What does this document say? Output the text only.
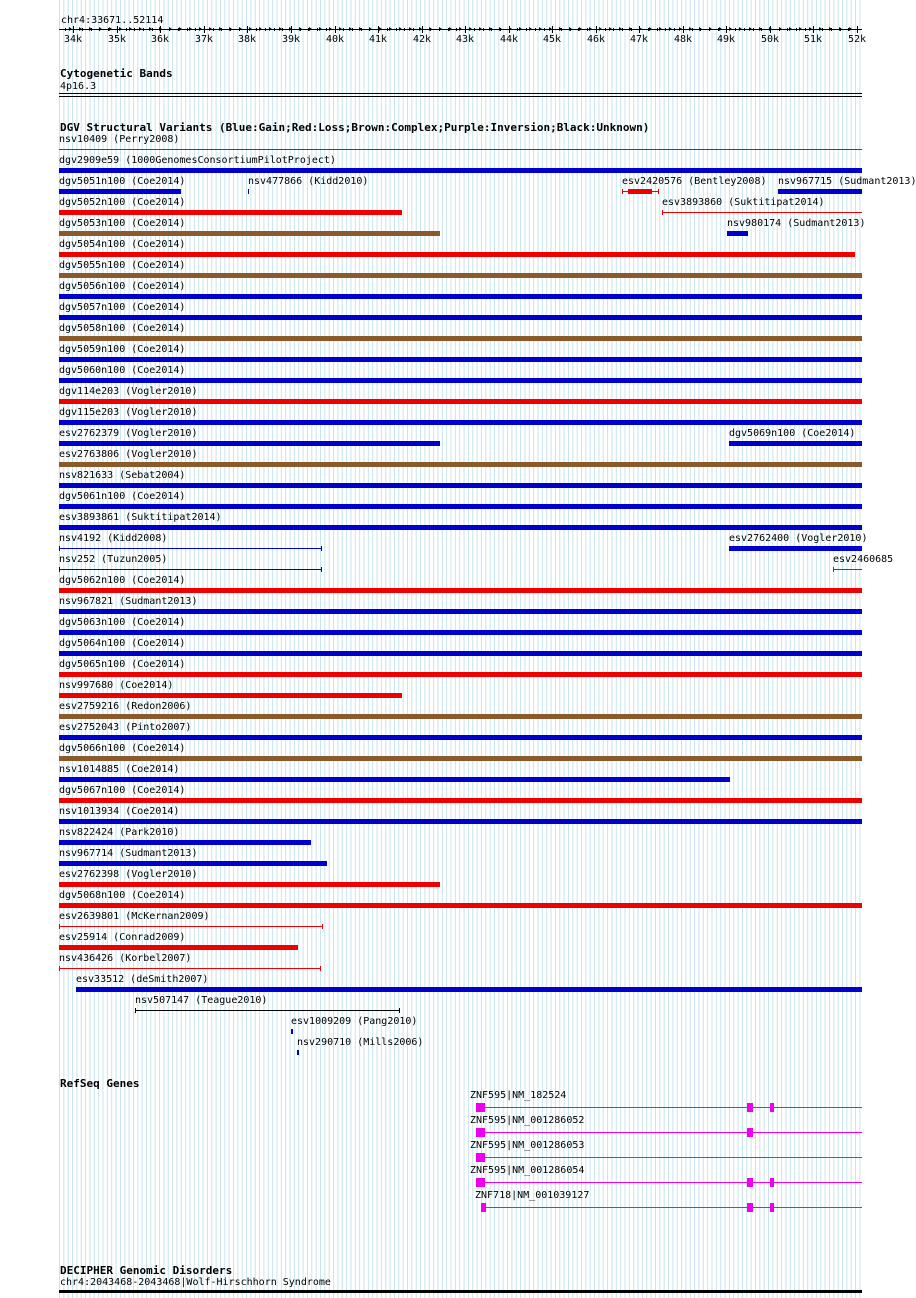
chr4:33671..52114
Cytogenetic Bands
4p16.3
DGV Structural Variants (Blue:Gain;Red:Loss;Brown:Complex;Purple:Inversion;Black:Unknown)
RefSeq Genes
DECIPHER Genomic Disorders
chr4:2043468-2043468|Wolf-Hirschhorn Syndrome
34k	35k 36k	37k 38k	39k	40k 41k	42k 43k	44k 45k	46k 47k	48k 49k	50k 51k	52k
nsv10409 (Perry2008)
dgv2909e59 (1000GenomesConsortiumPilotProject)
dgv5051n100 (Coe2014)	nsv477866 (Kidd2010)	esv2420576 (Bentley2008) nsv967715 (Sudmant2013)
dgv5052n100 (Coe2014)	esv3893860 (Suktitipat2014)
dgv5053n100 (Coe2014)	nsv980174 (Sudmant2013)
dgv5054n100 (Coe2014)
dgv5055n100 (Coe2014)
dgv5056n100 (Coe2014)
dgv5057n100 (Coe2014)
dgv5058n100 (Coe2014)
dgv5059n100 (Coe2014)
dgv5060n100 (Coe2014)
dgv114e203 (Vogler2010)
dgv115e203 (Vogler2010)
esv2762379 (Vogler2010)	dgv5069n100 (Coe2014)
esv2763806 (Vogler2010)
nsv821633 (Sebat2004)
dgv5061n100 (Coe2014)
esv3893861 (Suktitipat2014)
nsv4192 (Kidd2008)	esv2762400 (Vogler2010)
nsv252 (Tuzun2005)	esv2460685
dgv5062n100 (Coe2014)
nsv967821 (Sudmant2013)
dgv5063n100 (Coe2014)
dgv5064n100 (Coe2014)
dgv5065n100 (Coe2014)
nsv997680 (Coe2014)
esv2759216 (Redon2006)
esv2752043 (Pinto2007)
dgv5066n100 (Coe2014)
nsv1014885 (Coe2014)
dgv5067n100 (Coe2014)
nsv1013934 (Coe2014)
nsv822424 (Park2010)
nsv967714 (Sudmant2013)
esv2762398 (Vogler2010)
dgv5068n100 (Coe2014)
esv2639801 (McKernan2009)
esv25914 (Conrad2009)
nsv436426 (Korbel2007)
esv33512 (deSmith2007)
nsv507147 (Teague2010)
esv1009209 (Pang2010)
nsv290710 (Mills2006)
ZNF595|NM_182524
ZNF595|NM_001286052
ZNF595|NM_001286053
ZNF595|NM_001286054
ZNF718|NM_001039127
